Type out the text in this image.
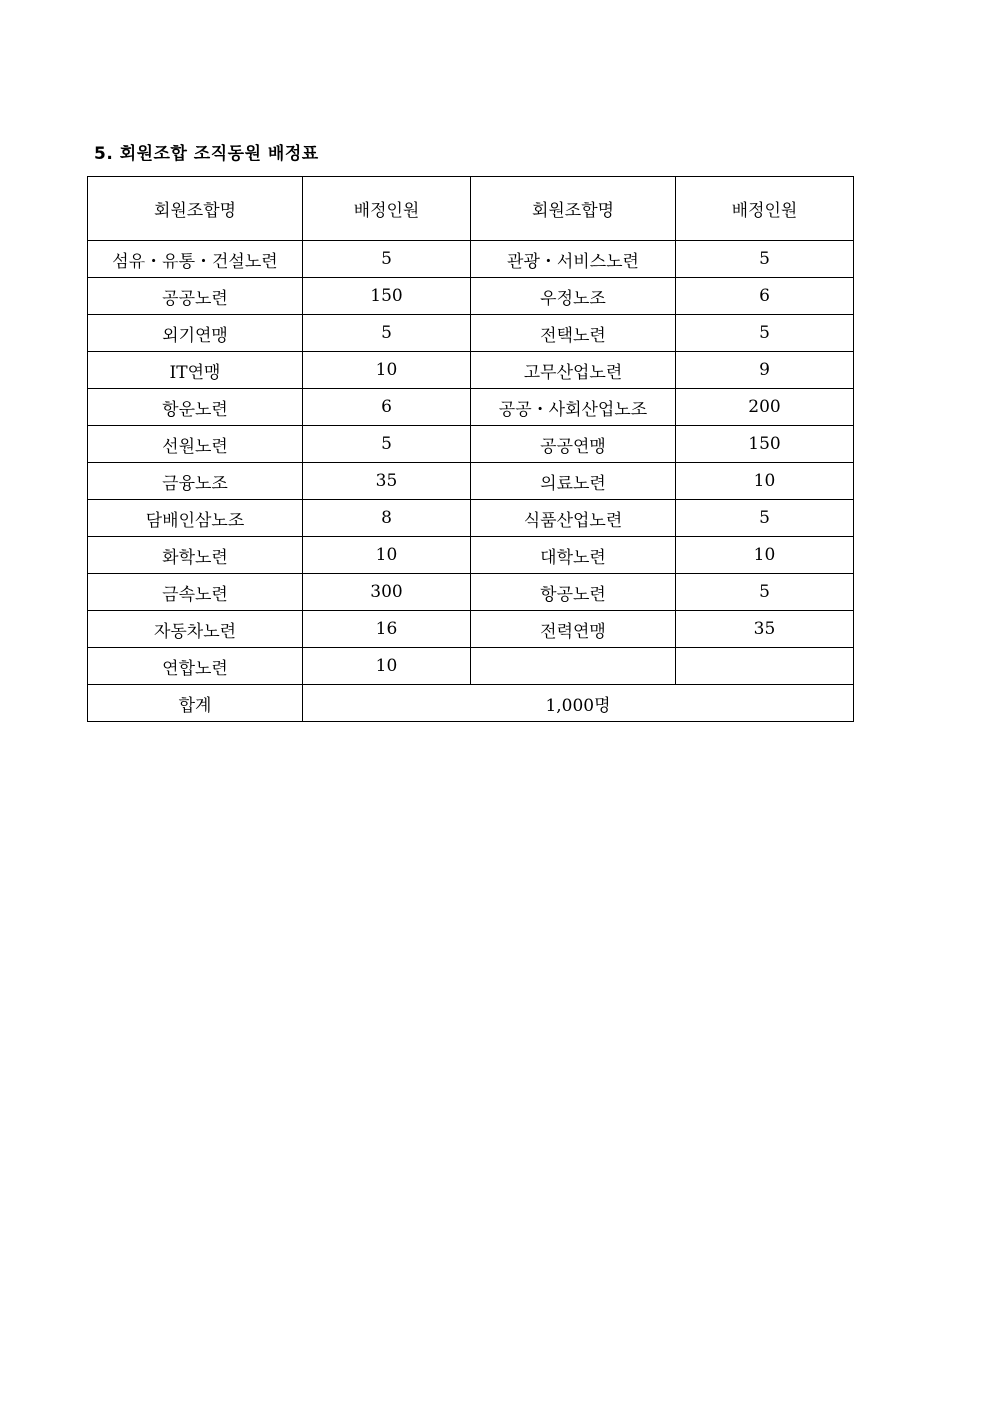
5. 회원조합 조직동원 배정표
회원조합명	배정인원	회원조합명	배정인원
섬유・유통・건설노련	5	관광・서비스노련	5
공공노련	150	우정노조	6
외기연맹	5	전택노련	5
IT연맹	10	고무산업노련	9
항운노련	6	공공・사회산업노조	200
선원노련	5	공공연맹	150
금융노조	35	의료노련	10
담배인삼노조	8	식품산업노련	5
화학노련	10	대학노련	10
금속노련	300	항공노련	5
자동차노련	16	전력연맹	35
연합노련	10		
합계	1,000명		
